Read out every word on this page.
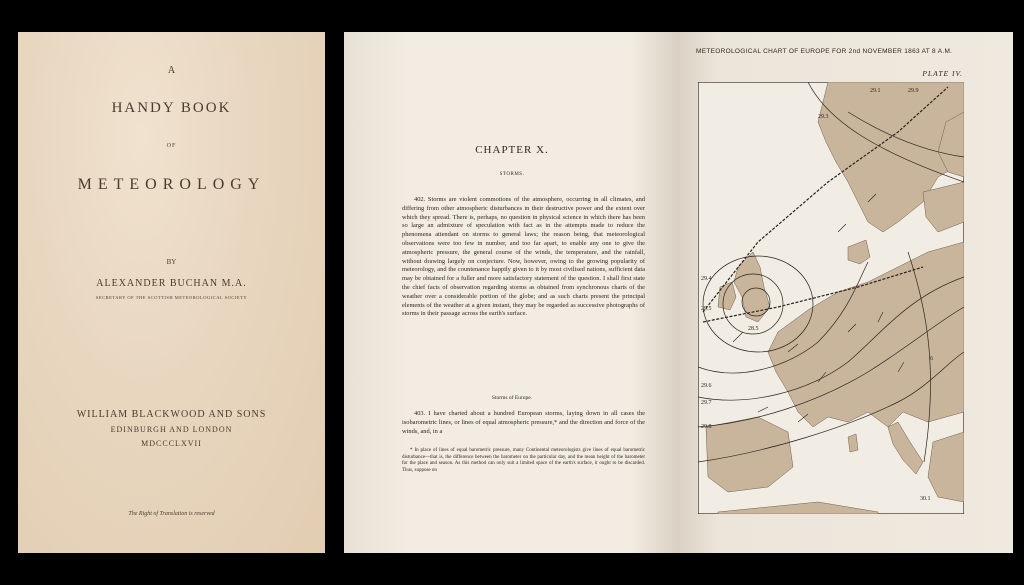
A
HANDY BOOK
OF
METEOROLOGY
BY
ALEXANDER BUCHAN M.A.
SECRETARY OF THE SCOTTISH METEOROLOGICAL SOCIETY
WILLIAM BLACKWOOD AND SONS
EDINBURGH AND LONDON
MDCCCLXVII
The Right of Translation is reserved
CHAPTER X.
STORMS.
402. Storms are violent commotions of the atmosphere, occurring in all climates, and differing from other atmospheric disturbances in their destructive power and the extent over which they spread. There is, perhaps, no question in physical science in which there has been so large an admixture of speculation with fact as in the attempts made to reduce the phenomena attendant on storms to general laws; the reason being, that meteorological observations were too few in number, and too far apart, to enable any one to give the atmospheric pressure, the general course of the winds, the temperature, and the rainfall, without drawing largely on conjecture. Now, however, owing to the growing popularity of meteorology, and the countenance happily given to it by most civilised nations, sufficient data may be obtained for a fuller and more satisfactory statement of the question. I shall first state the chief facts of observation regarding storms as obtained from synchronous charts of the weather over a considerable portion of the globe; and as such charts present the principal elements of the weather at a given instant, they may be regarded as successive photographs of storms in their passage across the earth's surface.
Storms of Europe.
403. I have charted about a hundred European storms, laying down in all cases the isobarometric lines, or lines of equal atmospheric pressure,* and the direction and force of the winds, and, in a
* In place of lines of equal barometric pressure, many Continental meteorologists give lines of equal barometric disturbance—that is, the difference between the barometer on the particular day, and the mean height of the barometer for the place and season. As this method can only suit a limited space of the earth's surface, it ought to be discarded. Thus, suppose on
METEOROLOGICAL CHART OF EUROPE FOR 2nd NOVEMBER 1863 AT 8 A.M.
PLATE IV.
29.1	29.9
29.3
29.4
29.5
29.6
29.7
29.8
28.5
30.1
6
